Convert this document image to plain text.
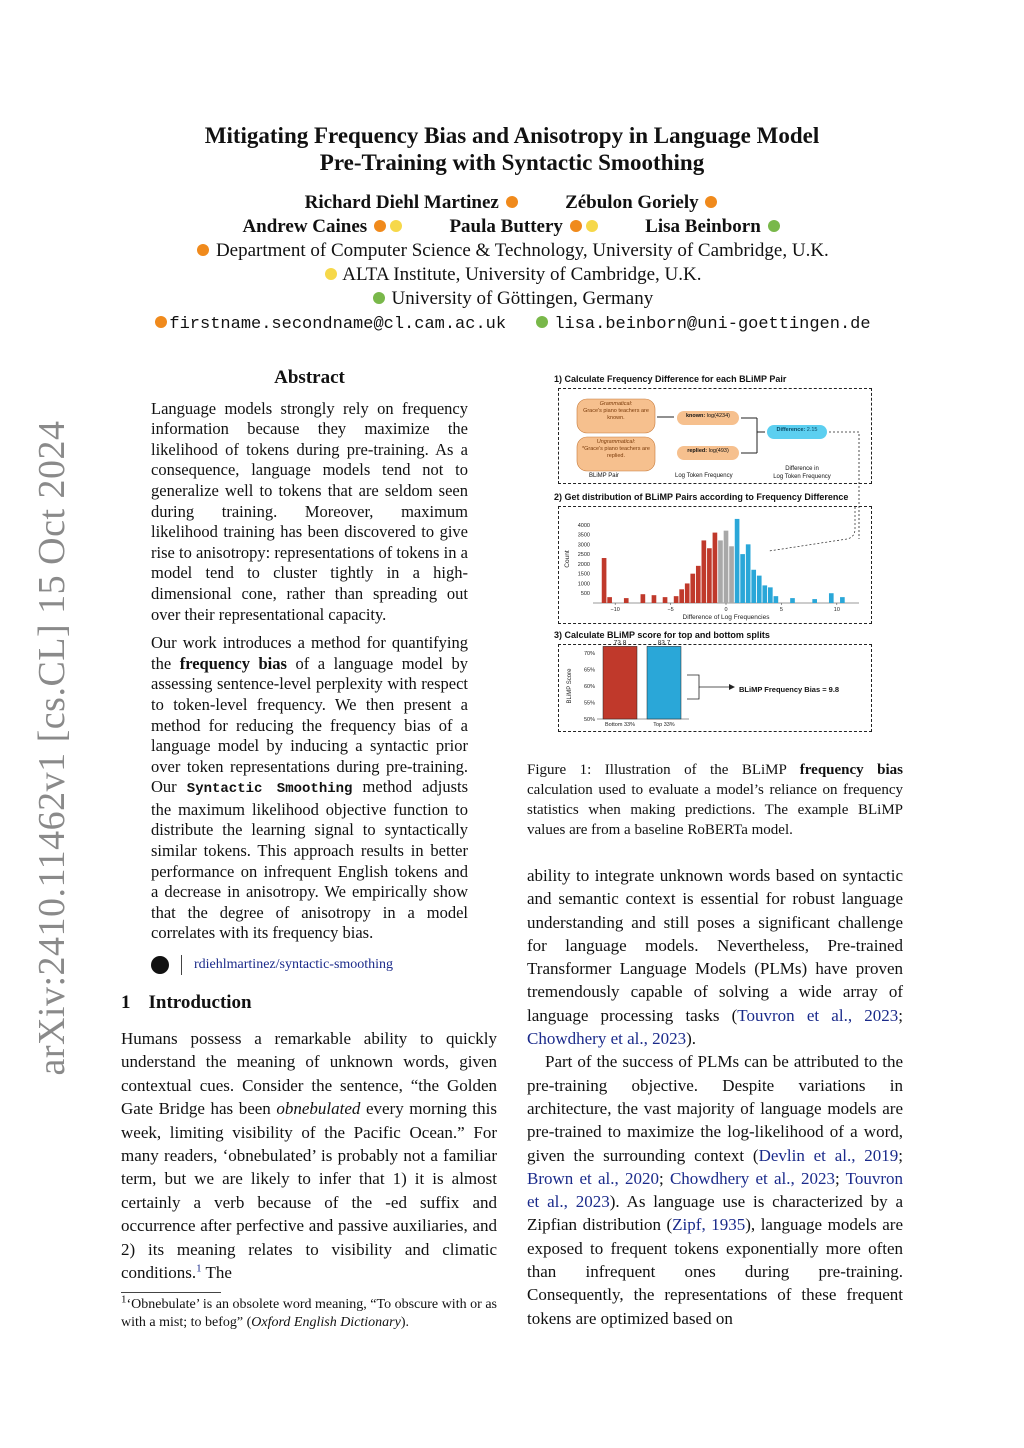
arXiv:2410.11462v1 [cs.CL] 15 Oct 2024
Mitigating Frequency Bias and Anisotropy in Language Model
Pre-Training with Syntactic Smoothing
Richard Diehl Martinez	Zébulon Goriely
Andrew Caines	Paula Buttery	Lisa Beinborn
Department of Computer Science & Technology, University of Cambridge, U.K.
ALTA Institute, University of Cambridge, U.K.
University of Göttingen, Germany
firstname.secondname@cl.cam.ac.uk	lisa.beinborn@uni-goettingen.de
Abstract

Language models strongly rely on frequency information because they maximize the likelihood of tokens during pre-training. As a consequence, language models tend not to generalize well to tokens that are seldom seen during training. Moreover, maximum likelihood training has been discovered to give rise to anisotropy: representations of tokens in a model tend to cluster tightly in a high-dimensional cone, rather than spreading out over their representational capacity.

Our work introduces a method for quantifying the frequency bias of a language model by assessing sentence-level perplexity with respect to token-level frequency. We then present a method for reducing the frequency bias of a language model by inducing a syntactic prior over token representations during pre-training. Our Syntactic Smoothing method adjusts the maximum likelihood objective function to distribute the learning signal to syntactically similar tokens. This approach results in better performance on infrequent English tokens and a decrease in anisotropy. We empirically show that the degree of anisotropy in a model correlates with its frequency bias.

rdiehlmartinez/syntactic-smoothing
1 Introduction

Humans possess a remarkable ability to quickly understand the meaning of unknown words, given contextual cues. Consider the sentence, “the Golden Gate Bridge has been obnebulated every morning this week, limiting visibility of the Pacific Ocean.” For many readers, ‘obnebulated’ is probably not a familiar term, but we are likely to infer that 1) it is almost certainly a verb because of the -ed suffix and occurrence after perfective and passive auxiliaries, and 2) its meaning relates to visibility and climatic conditions.$^1$ The

$^1$‘Obnebulate’ is an obsolete word meaning, “To obscure with or as with a mist; to befog” (Oxford English Dictionary).
1) Calculate Frequency Difference for each BLiMP Pair
Grammatical:
Grace's piano teachers are known.
Ungrammatical:
*Grace's piano teachers are replied.
known: log(4234)
replied: log(493)
Difference: 2.15
BLiMP Pair	Log Token Frequency
Difference in
Log Token Frequency
2) Get distribution of BLiMP Pairs according to Frequency Difference
500
1000
1500
2000
2500
3000
3500
4000
−10	−5	0	5	10
Difference of Log Frequencies
Count
3) Calculate BLiMP score for top and bottom splits
50%
55%
60%
65%
70%
BLiMP Score
73.8
Bottom 33%
83.7
Top 33%
BLiMP Frequency Bias = 9.8
Figure 1: Illustration of the BLiMP frequency bias calculation used to evaluate a model’s reliance on frequency statistics when making predictions. The example BLiMP values are from a baseline RoBERTa model.

ability to integrate unknown words based on syntactic and semantic context is essential for robust language understanding and still poses a significant challenge for language models. Nevertheless, Pre-trained Transformer Language Models (PLMs) have proven tremendously capable of solving a wide array of language processing tasks (Touvron et al., 2023; Chowdhery et al., 2023).

Part of the success of PLMs can be attributed to the pre-training objective. Despite variations in architecture, the vast majority of language models are pre-trained to maximize the log-likelihood of a word, given the surrounding context (Devlin et al., 2019; Brown et al., 2020; Chowdhery et al., 2023; Touvron et al., 2023). As language use is characterized by a Zipfian distribution (Zipf, 1935), language models are exposed to frequent tokens exponentially more often than infrequent ones during pre-training. Consequently, the representations of these frequent tokens are optimized based on
